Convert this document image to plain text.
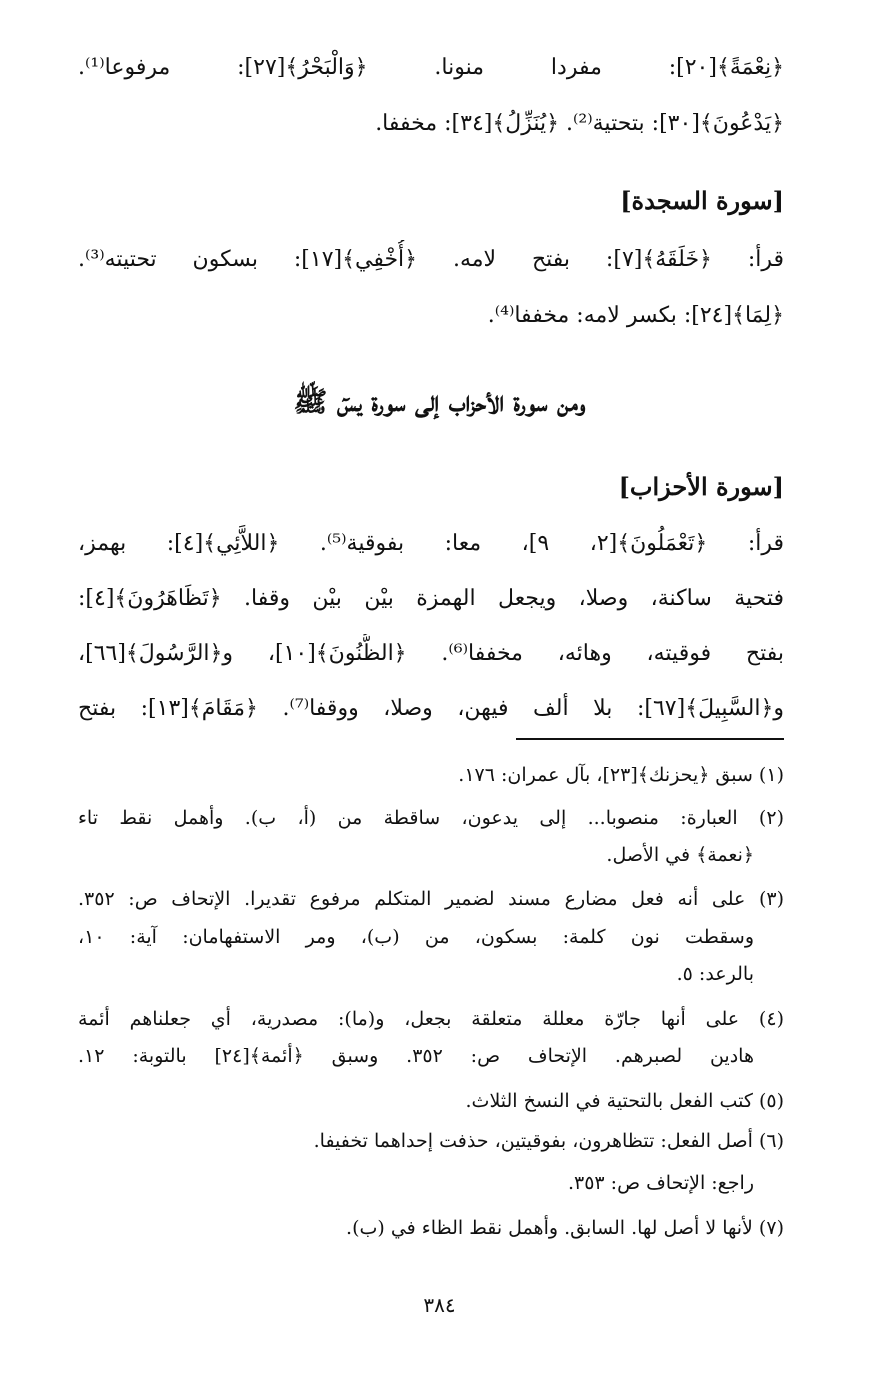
﴿نِعْمَةً﴾[٢٠]: مفردا منونا. ﴿وَالْبَحْرُ﴾[٢٧]: مرفوعا⁽¹⁾.
﴿يَدْعُونَ﴾[٣٠]: بتحتية⁽²⁾. ﴿يُنَزِّلُ﴾[٣٤]: مخففا.
[سورة السجدة]
قرأ: ﴿خَلَقَهُ﴾[٧]: بفتح لامه. ﴿أُخْفِي﴾[١٧]: بسكون تحتيته⁽³⁾.
﴿لِمَا﴾[٢٤]: بكسر لامه: مخففا⁽⁴⁾.
ومن سورة الأحزاب إلى سورة يسٓ ﷺ
[سورة الأحزاب]
قرأ: ﴿تَعْمَلُونَ﴾[٢، ٩]، معا: بفوقية⁽⁵⁾. ﴿اللاَّئِي﴾[٤]: بهمز،
فتحية ساكنة، وصلا، ويجعل الهمزة بيْن بيْن وقفا. ﴿تَظَاهَرُونَ﴾[٤]:
بفتح فوقيته، وهائه، مخففا⁽⁶⁾. ﴿الظُّنُونَ﴾[١٠]، و﴿الرَّسُولَ﴾[٦٦]،
و﴿السَّبِيلَ﴾[٦٧]: بلا ألف فيهن، وصلا، ووقفا⁽⁷⁾. ﴿مَقَامَ﴾[١٣]: بفتح
(١) سبق ﴿يحزنك﴾[٢٣]، بآل عمران: ١٧٦.
(٢) العبارة: منصوبا... إلى يدعون، ساقطة من (أ، ب). وأهمل نقط تاء
﴿نعمة﴾ في الأصل.
(٣) على أنه فعل مضارع مسند لضمير المتكلم مرفوع تقديرا. الإتحاف ص: ٣٥٢.
وسقطت نون كلمة: بسكون، من (ب)، ومر الاستفهامان: آية: ١٠،
بالرعد: ٥.
(٤) على أنها جارّة معللة متعلقة بجعل، و(ما): مصدرية، أي جعلناهم أئمة
هادين لصبرهم. الإتحاف ص: ٣٥٢. وسبق ﴿أئمة﴾[٢٤] بالتوبة: ١٢.
(٥) كتب الفعل بالتحتية في النسخ الثلاث.
(٦) أصل الفعل: تتظاهرون، بفوقيتين، حذفت إحداهما تخفيفا.
راجع: الإتحاف ص: ٣٥٣.
(٧) لأنها لا أصل لها. السابق. وأهمل نقط الظاء في (ب).
٣٨٤
